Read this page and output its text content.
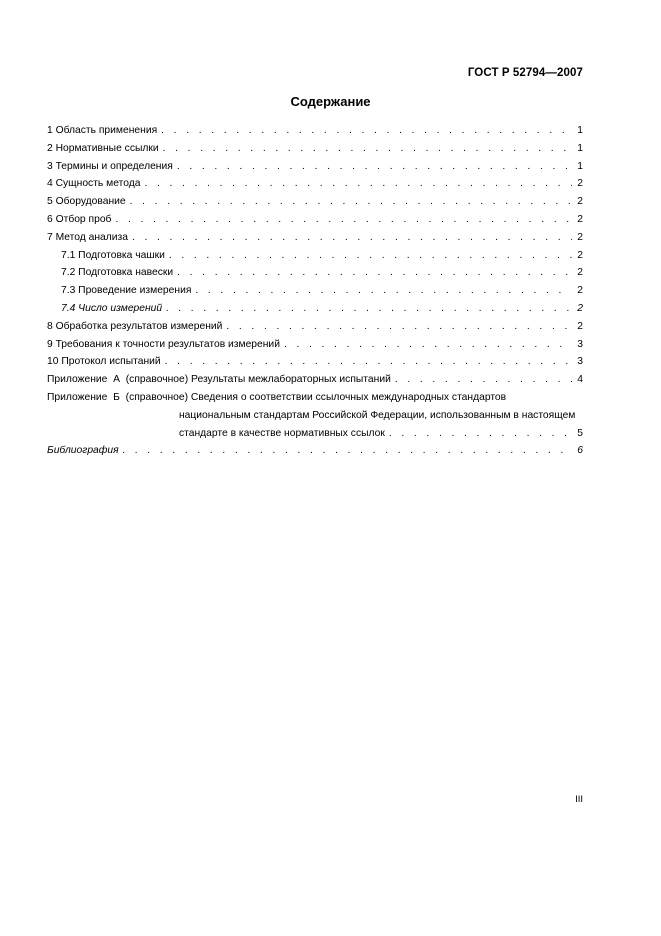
ГОСТ Р 52794—2007
Содержание
1 Область применения . . .	1
2 Нормативные ссылки . . .	1
3 Термины и определения . . .	1
4 Сущность метода . . .	2
5 Оборудование . . .	2
6 Отбор проб . . .	2
7 Метод анализа . . .	2
7.1 Подготовка чашки . . .	2
7.2 Подготовка навески . . .	2
7.3 Проведение измерения . . .	2
7.4 Число измерений . . .	2
8 Обработка результатов измерений . . .	2
9 Требования к точности результатов измерений . . .	3
10 Протокол испытаний . . .	3
Приложение А (справочное) Результаты межлабораторных испытаний . . .	4
Приложение Б (справочное) Сведения о соответствии ссылочных международных стандартов
национальным стандартам Российской Федерации, использованным в настоящем
стандарте в качестве нормативных ссылок . . .	5
Библиография . . .	6
III
